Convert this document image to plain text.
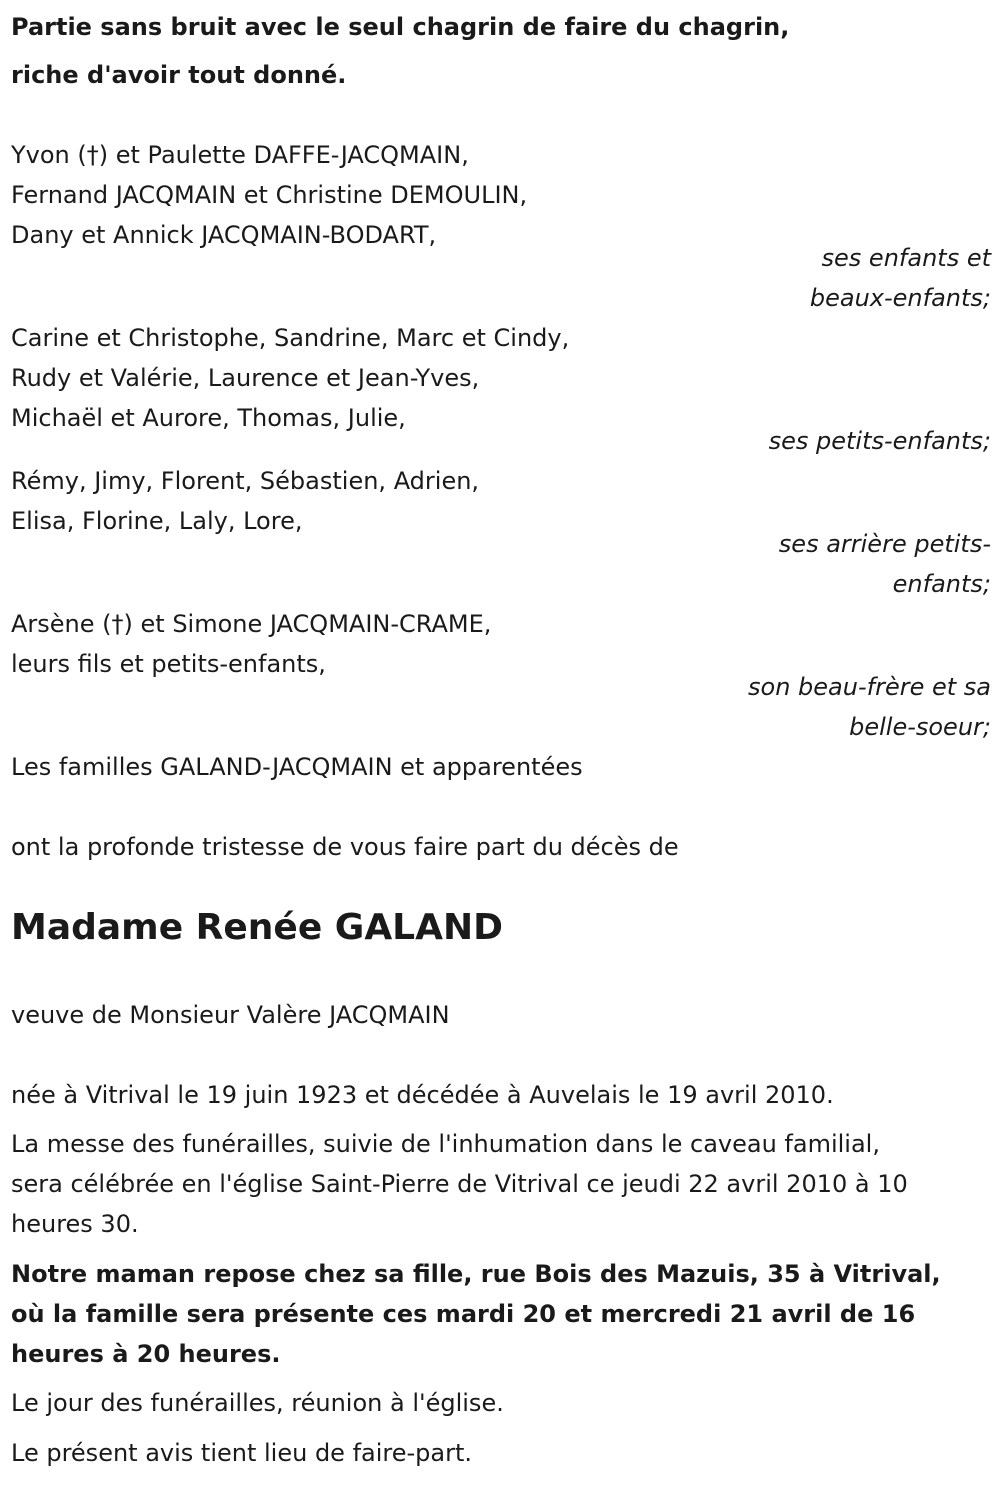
Partie sans bruit avec le seul chagrin de faire du chagrin,
riche d'avoir tout donné.
Yvon (†) et Paulette DAFFE-JACQMAIN,
Fernand JACQMAIN et Christine DEMOULIN,
Dany et Annick JACQMAIN-BODART,
ses enfants et
beaux-enfants;
Carine et Christophe, Sandrine, Marc et Cindy,
Rudy et Valérie, Laurence et Jean-Yves,
Michaël et Aurore, Thomas, Julie,
ses petits-enfants;
Rémy, Jimy, Florent, Sébastien, Adrien,
Elisa, Florine, Laly, Lore,
ses arrière petits-
enfants;
Arsène (†) et Simone JACQMAIN-CRAME,
leurs fils et petits-enfants,
son beau-frère et sa
belle-soeur;
Les familles GALAND-JACQMAIN et apparentées
ont la profonde tristesse de vous faire part du décès de
Madame Renée GALAND
veuve de Monsieur Valère JACQMAIN
née à Vitrival le 19 juin 1923 et décédée à Auvelais le 19 avril 2010.
La messe des funérailles, suivie de l'inhumation dans le caveau familial,
sera célébrée en l'église Saint-Pierre de Vitrival ce jeudi 22 avril 2010 à 10
heures 30.
Notre maman repose chez sa fille, rue Bois des Mazuis, 35 à Vitrival,
où la famille sera présente ces mardi 20 et mercredi 21 avril de 16
heures à 20 heures.
Le jour des funérailles, réunion à l'église.
Le présent avis tient lieu de faire-part.
